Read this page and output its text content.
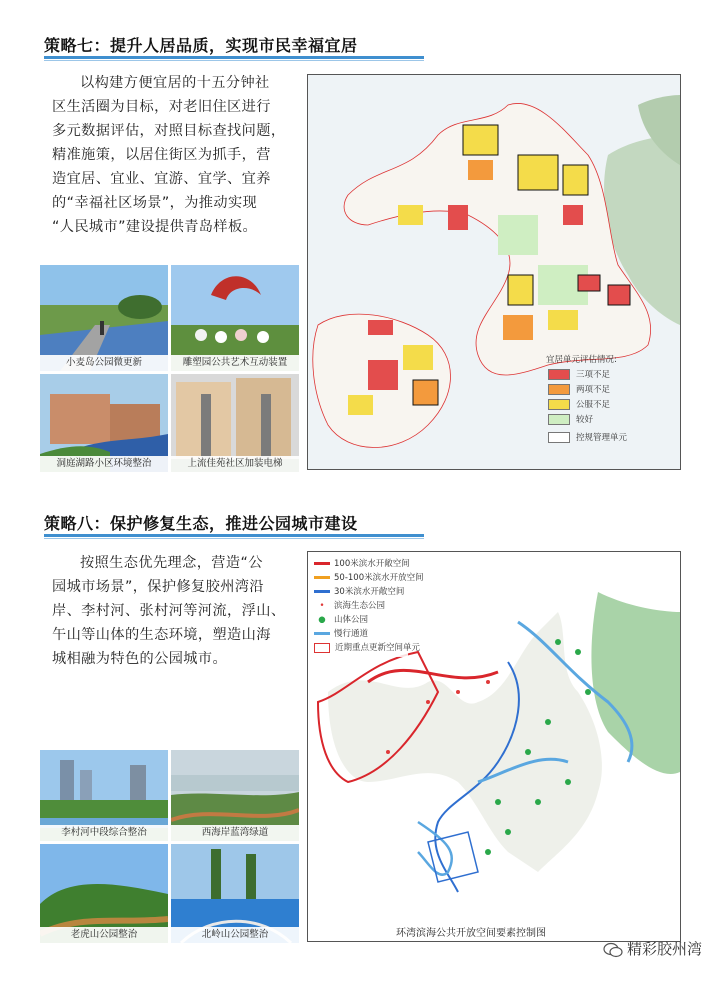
策略七：提升人居品质，实现市民幸福宜居
以构建方便宜居的十五分钟社
区生活圈为目标，对老旧住区进行
多元数据评估，对照目标查找问题，
精准施策，以居住街区为抓手，营
造宜居、宜业、宜游、宜学、宜养
的“幸福社区场景”，为推动实现
“人民城市”建设提供青岛样板。
小麦岛公园微更新	雕塑园公共艺术互动装置
洞庭湖路小区环境整治	上流佳苑社区加装电梯
宜居单元评估情况:
三项不足
两项不足
公服不足
较好
控规管理单元
策略八：保护修复生态，推进公园城市建设
按照生态优先理念，营造“公
园城市场景”，保护修复胶州湾沿
岸、李村河、张村河等河流，浮山、
午山等山体的生态环境，塑造山海
城相融为特色的公园城市。
李村河中段综合整治	西海岸蓝湾绿道
老虎山公园整治	北岭山公园整治
100米滨水开敞空间
50-100米滨水开放空间
30米滨水开敞空间
• 滨海生态公园
● 山体公园
慢行通道
近期重点更新空间单元
环湾滨海公共开放空间要素控制图
精彩胶州湾
